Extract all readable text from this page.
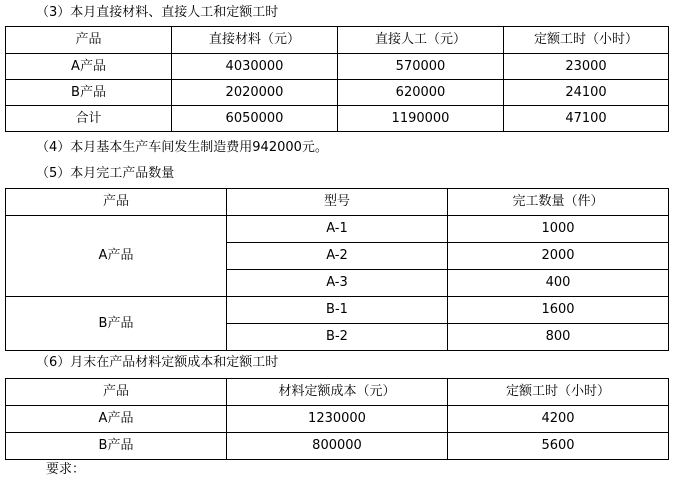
（3）本月直接材料、直接人工和定额工时
产品	直接材料（元）	直接人工（元）	定额工时（小时）
A产品	4030000	570000	23000
B产品	2020000	620000	24100
合计	6050000	1190000	47100
（4）本月基本生产车间发生制造费用942000元。
（5）本月完工产品数量
产品	型号	完工数量（件）
A产品	A-1	1000
	A-2	2000
	A-3	400
B产品	B-1	1600
	B-2	800
（6）月末在产品材料定额成本和定额工时
产品	材料定额成本（元）	定额工时（小时）
A产品	1230000	4200
B产品	800000	5600
要求：
